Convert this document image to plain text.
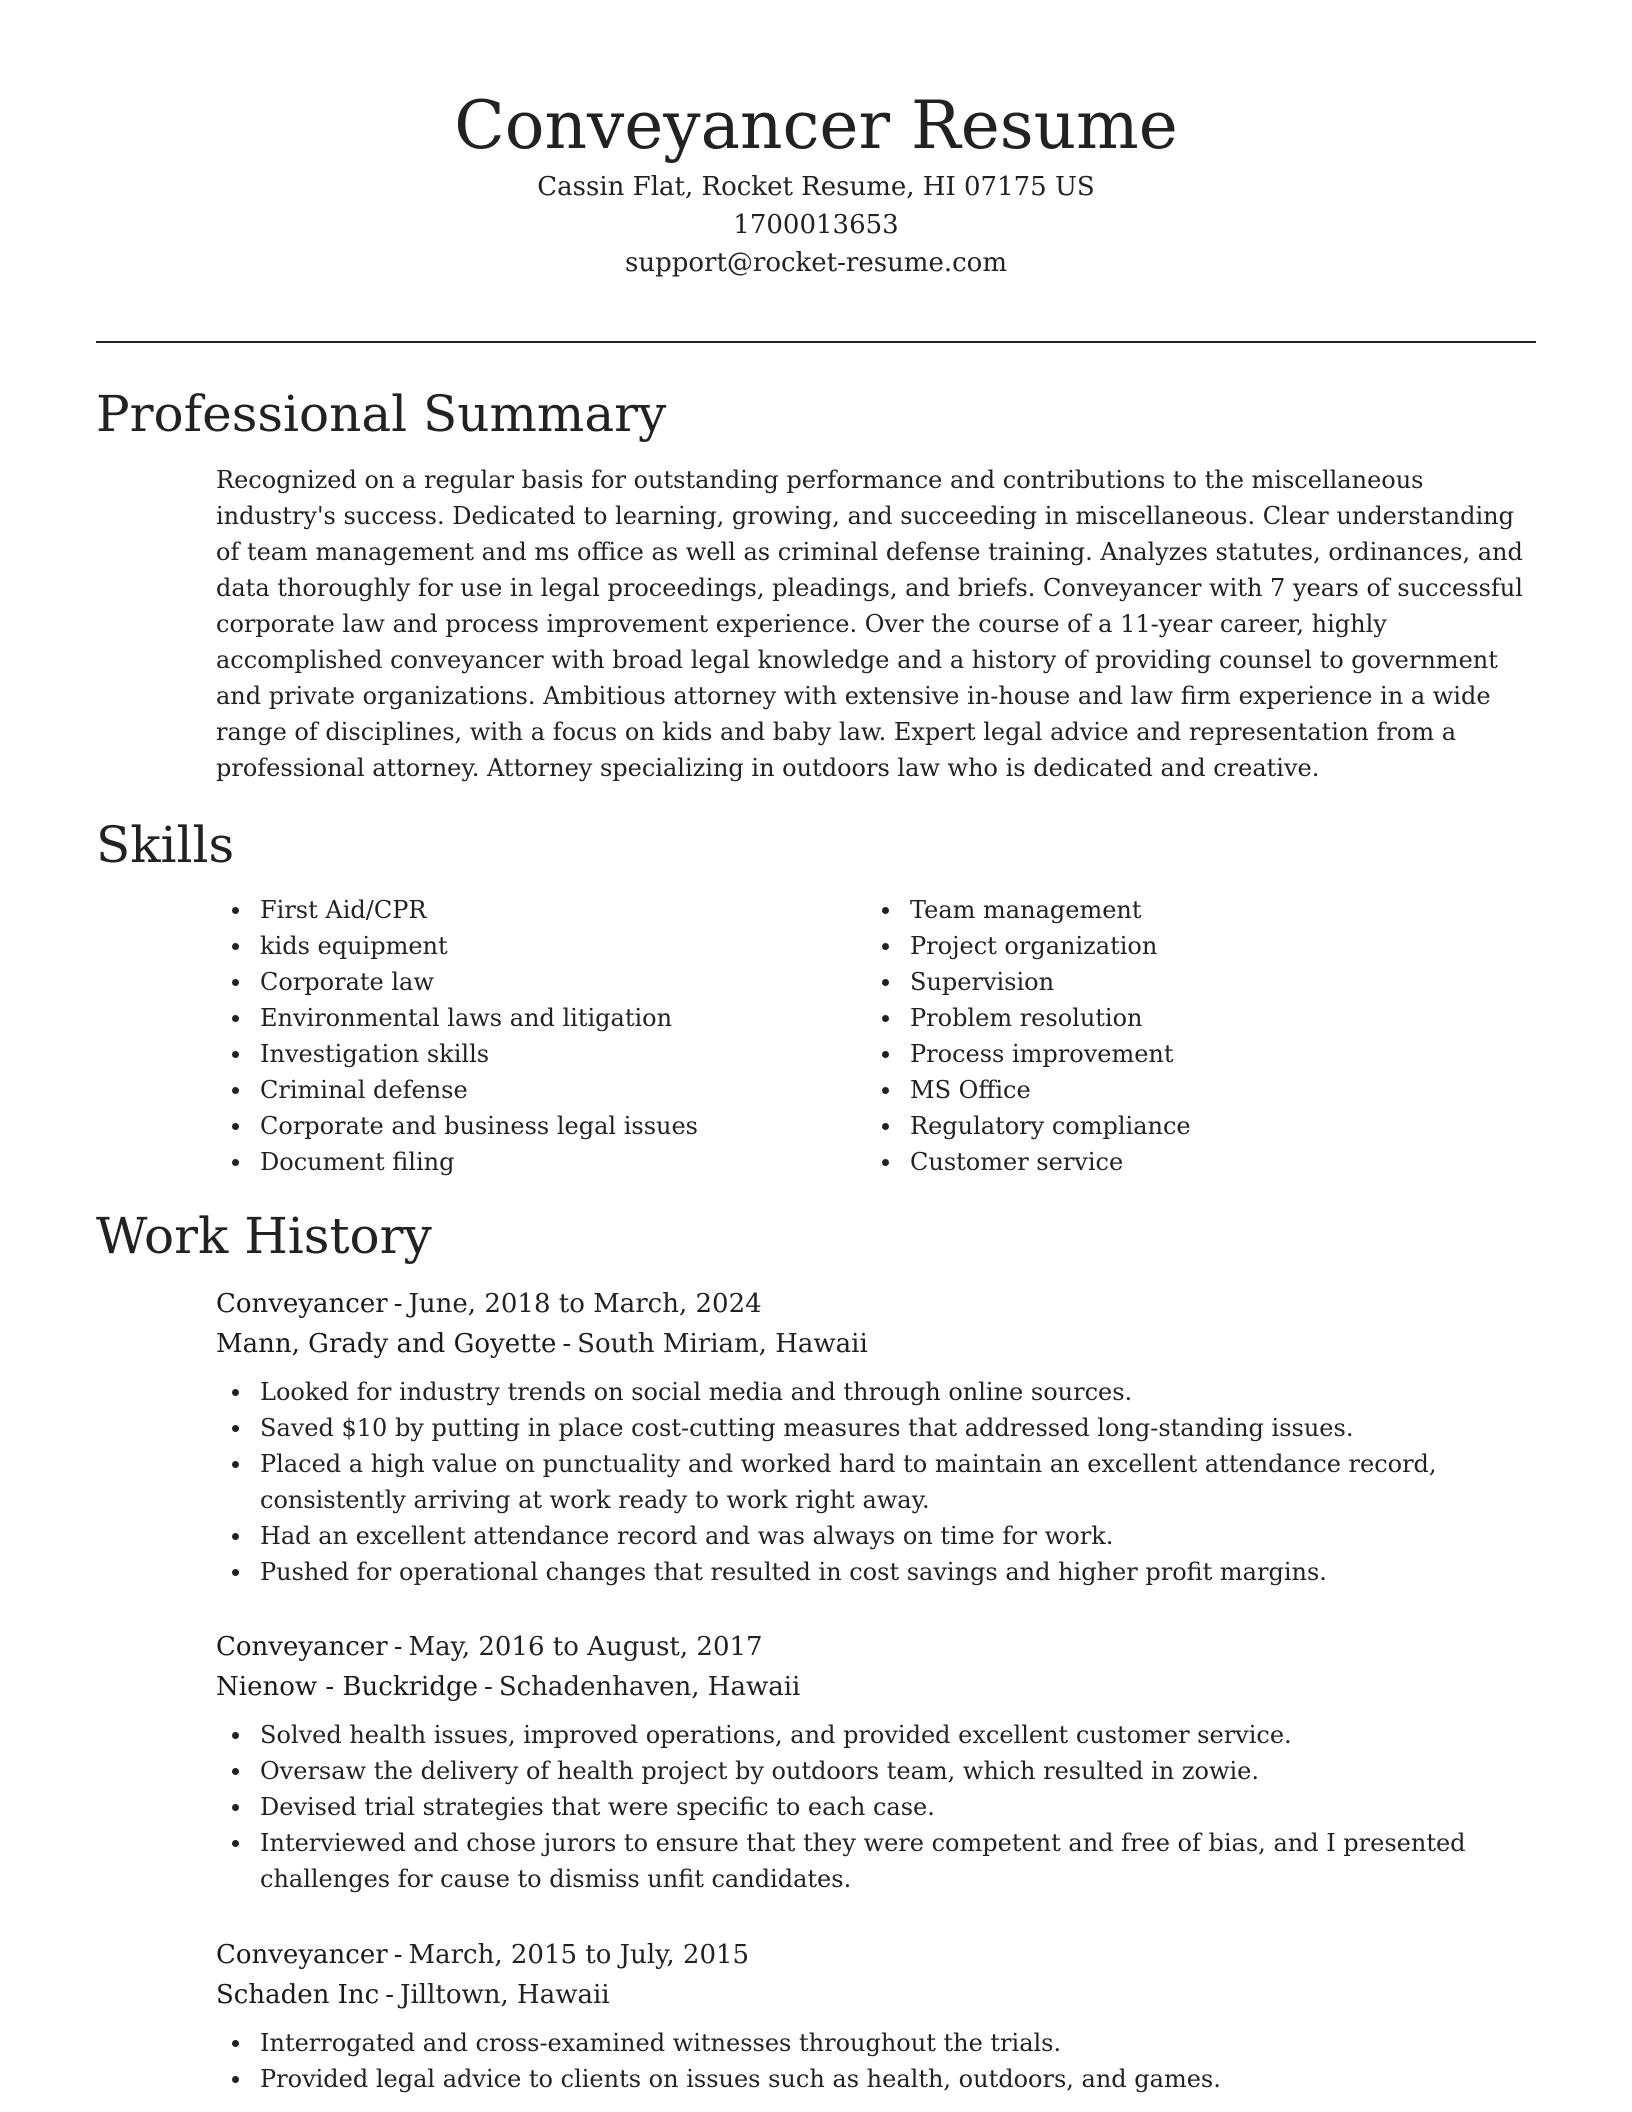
Conveyancer Resume
Cassin Flat, Rocket Resume, HI 07175 US
1700013653
support@rocket-resume.com
Professional Summary

Recognized on a regular basis for outstanding performance and contributions to the miscellaneous industry's success. Dedicated to learning, growing, and succeeding in miscellaneous. Clear understanding of team management and ms office as well as criminal defense training. Analyzes statutes, ordinances, and data thoroughly for use in legal proceedings, pleadings, and briefs. Conveyancer with 7 years of successful corporate law and process improvement experience. Over the course of a 11-year career, highly accomplished conveyancer with broad legal knowledge and a history of providing counsel to government and private organizations. Ambitious attorney with extensive in-house and law firm experience in a wide range of disciplines, with a focus on kids and baby law. Expert legal advice and representation from a professional attorney. Attorney specializing in outdoors law who is dedicated and creative.

Skills
First Aid/CPR
kids equipment
Corporate law
Environmental laws and litigation
Investigation skills
Criminal defense
Corporate and business legal issues
Document filing
Team management
Project organization
Supervision
Problem resolution
Process improvement
MS Office
Regulatory compliance
Customer service
Work History
Conveyancer - June, 2018 to March, 2024
Mann, Grady and Goyette - South Miriam, Hawaii
Looked for industry trends on social media and through online sources.
Saved $10 by putting in place cost-cutting measures that addressed long-standing issues.
Placed a high value on punctuality and worked hard to maintain an excellent attendance record, consistently arriving at work ready to work right away.
Had an excellent attendance record and was always on time for work.
Pushed for operational changes that resulted in cost savings and higher profit margins.
Conveyancer - May, 2016 to August, 2017
Nienow - Buckridge - Schadenhaven, Hawaii
Solved health issues, improved operations, and provided excellent customer service.
Oversaw the delivery of health project by outdoors team, which resulted in zowie.
Devised trial strategies that were specific to each case.
Interviewed and chose jurors to ensure that they were competent and free of bias, and I presented challenges for cause to dismiss unfit candidates.
Conveyancer - March, 2015 to July, 2015
Schaden Inc - Jilltown, Hawaii
Interrogated and cross-examined witnesses throughout the trials.
Provided legal advice to clients on issues such as health, outdoors, and games.
